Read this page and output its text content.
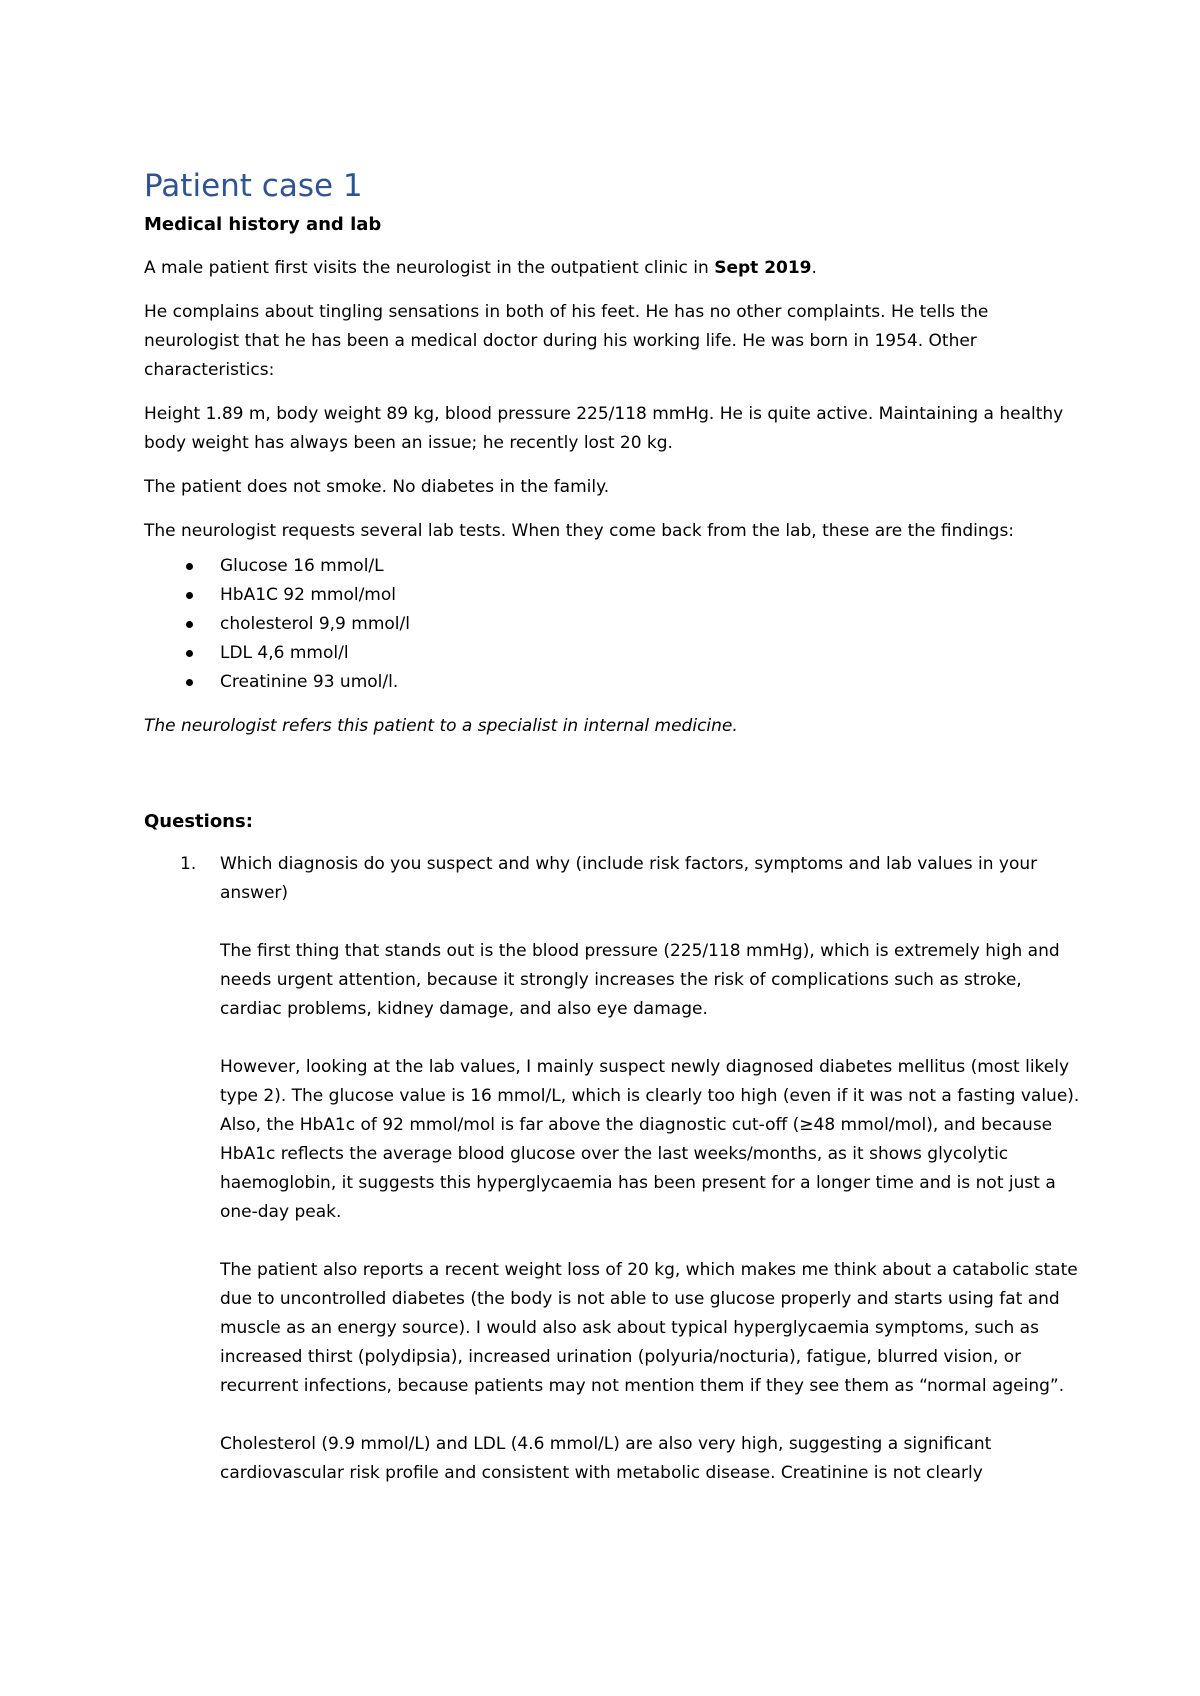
Patient case 1
Medical history and lab

A male patient first visits the neurologist in the outpatient clinic in Sept 2019.

He complains about tingling sensations in both of his feet. He has no other complaints. He tells the neurologist that he has been a medical doctor during his working life. He was born in 1954. Other characteristics:

Height 1.89 m, body weight 89 kg, blood pressure 225/118 mmHg. He is quite active. Maintaining a healthy body weight has always been an issue; he recently lost 20 kg.

The patient does not smoke. No diabetes in the family.

The neurologist requests several lab tests. When they come back from the lab, these are the findings:

Glucose 16 mmol/L
HbA1C 92 mmol/mol
cholesterol 9,9 mmol/l
LDL 4,6 mmol/l
Creatinine 93 umol/l.

The neurologist refers this patient to a specialist in internal medicine.

Questions:
1. Which diagnosis do you suspect and why (include risk factors, symptoms and lab values in your answer)

The first thing that stands out is the blood pressure (225/118 mmHg), which is extremely high and needs urgent attention, because it strongly increases the risk of complications such as stroke, cardiac problems, kidney damage, and also eye damage.

However, looking at the lab values, I mainly suspect newly diagnosed diabetes mellitus (most likely type 2). The glucose value is 16 mmol/L, which is clearly too high (even if it was not a fasting value). Also, the HbA1c of 92 mmol/mol is far above the diagnostic cut-off (≥48 mmol/mol), and because HbA1c reflects the average blood glucose over the last weeks/months, as it shows glycolytic haemoglobin, it suggests this hyperglycaemia has been present for a longer time and is not just a one-day peak.

The patient also reports a recent weight loss of 20 kg, which makes me think about a catabolic state due to uncontrolled diabetes (the body is not able to use glucose properly and starts using fat and muscle as an energy source). I would also ask about typical hyperglycaemia symptoms, such as increased thirst (polydipsia), increased urination (polyuria/nocturia), fatigue, blurred vision, or recurrent infections, because patients may not mention them if they see them as “normal ageing”.

Cholesterol (9.9 mmol/L) and LDL (4.6 mmol/L) are also very high, suggesting a significant cardiovascular risk profile and consistent with metabolic disease. Creatinine is not clearly
